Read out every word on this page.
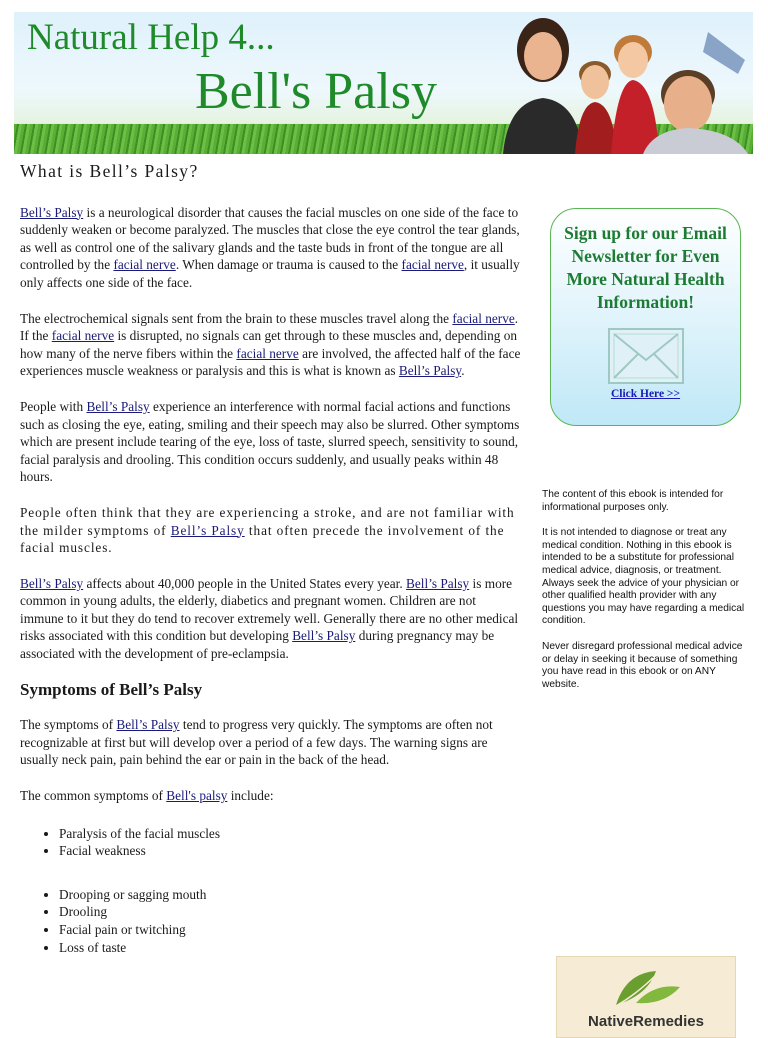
Natural Help 4...
Bell's Palsy
What is Bell’s Palsy?

Bell’s Palsy is a neurological disorder that causes the facial muscles on one side of the face to suddenly weaken or become paralyzed. The muscles that close the eye control the tear glands, as well as control one of the salivary glands and the taste buds in front of the tongue are all controlled by the facial nerve. When damage or trauma is caused to the facial nerve, it usually only affects one side of the face.

The electrochemical signals sent from the brain to these muscles travel along the facial nerve. If the facial nerve is disrupted, no signals can get through to these muscles and, depending on how many of the nerve fibers within the facial nerve are involved, the affected half of the face experiences muscle weakness or paralysis and this is what is known as Bell’s Palsy.

People with Bell’s Palsy experience an interference with normal facial actions and functions such as closing the eye, eating, smiling and their speech may also be slurred. Other symptoms which are present include tearing of the eye, loss of taste, slurred speech, sensitivity to sound, facial paralysis and drooling. This condition occurs suddenly, and usually peaks within 48 hours.

People often think that they are experiencing a stroke, and are not familiar with the milder symptoms of Bell’s Palsy that often precede the involvement of the facial muscles.

Bell’s Palsy affects about 40,000 people in the United States every year. Bell’s Palsy is more common in young adults, the elderly, diabetics and pregnant women. Children are not immune to it but they do tend to recover extremely well. Generally there are no other medical risks associated with this condition but developing Bell’s Palsy during pregnancy may be associated with the development of pre-eclampsia.

Symptoms of Bell’s Palsy

The symptoms of Bell’s Palsy tend to progress very quickly. The symptoms are often not recognizable at first but will develop over a period of a few days. The warning signs are usually neck pain, pain behind the ear or pain in the back of the head.

The common symptoms of Bell's palsy include:

• Paralysis of the facial muscles
• Facial weakness
• Drooping or sagging mouth
• Drooling
• Facial pain or twitching
• Loss of taste
Sign up for our Email Newsletter for Even More Natural Health Information!
Click Here >>

The content of this ebook is intended for informational purposes only.

It is not intended to diagnose or treat any medical condition. Nothing in this ebook is intended to be a substitute for professional medical advice, diagnosis, or treatment. Always seek the advice of your physician or other qualified health provider with any questions you may have regarding a medical condition.

Never disregard professional medical advice or delay in seeking it because of something you have read in this ebook or on ANY website.

NativeRemedies
